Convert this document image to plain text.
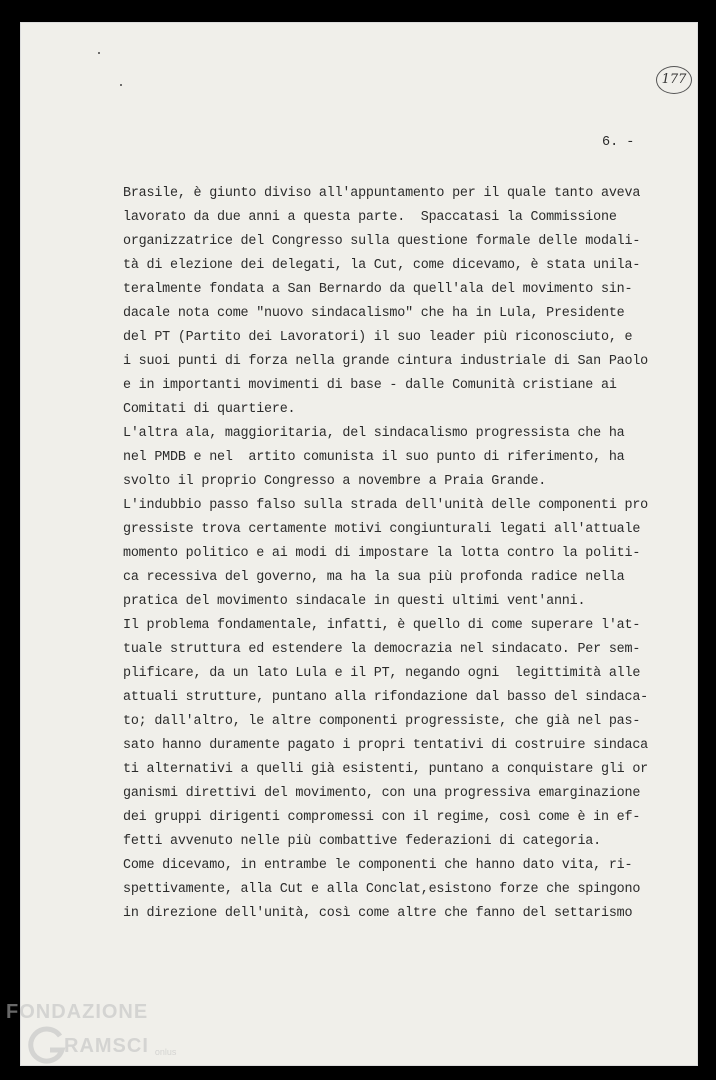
177
6. -
Brasile, è giunto diviso all'appuntamento per il quale tanto aveva
lavorato da due anni a questa parte.  Spaccatasi la Commissione
organizzatrice del Congresso sulla questione formale delle modali-
tà di elezione dei delegati, la Cut, come dicevamo, è stata unila-
teralmente fondata a San Bernardo da quell'ala del movimento sin-
dacale nota come "nuovo sindacalismo" che ha in Lula, Presidente
del PT (Partito dei Lavoratori) il suo leader più riconosciuto, e
i suoi punti di forza nella grande cintura industriale di San Paolo
e in importanti movimenti di base - dalle Comunità cristiane ai
Comitati di quartiere.
L'altra ala, maggioritaria, del sindacalismo progressista che ha
nel PMDB e nel  artito comunista il suo punto di riferimento, ha
svolto il proprio Congresso a novembre a Praia Grande.
L'indubbio passo falso sulla strada dell'unità delle componenti pro
gressiste trova certamente motivi congiunturali legati all'attuale
momento politico e ai modi di impostare la lotta contro la politi-
ca recessiva del governo, ma ha la sua più profonda radice nella
pratica del movimento sindacale in questi ultimi vent'anni.
Il problema fondamentale, infatti, è quello di come superare l'at-
tuale struttura ed estendere la democrazia nel sindacato. Per sem-
plificare, da un lato Lula e il PT, negando ogni  legittimità alle
attuali strutture, puntano alla rifondazione dal basso del sindaca-
to; dall'altro, le altre componenti progressiste, che già nel pas-
sato hanno duramente pagato i propri tentativi di costruire sindaca
ti alternativi a quelli già esistenti, puntano a conquistare gli or
ganismi direttivi del movimento, con una progressiva emarginazione
dei gruppi dirigenti compromessi con il regime, così come è in ef-
fetti avvenuto nelle più combattive federazioni di categoria.
Come dicevamo, in entrambe le componenti che hanno dato vita, ri-
spettivamente, alla Cut e alla Conclat,esistono forze che spingono
in direzione dell'unità, così come altre che fanno del settarismo
FONDAZIONE
RAMSCI onlus
